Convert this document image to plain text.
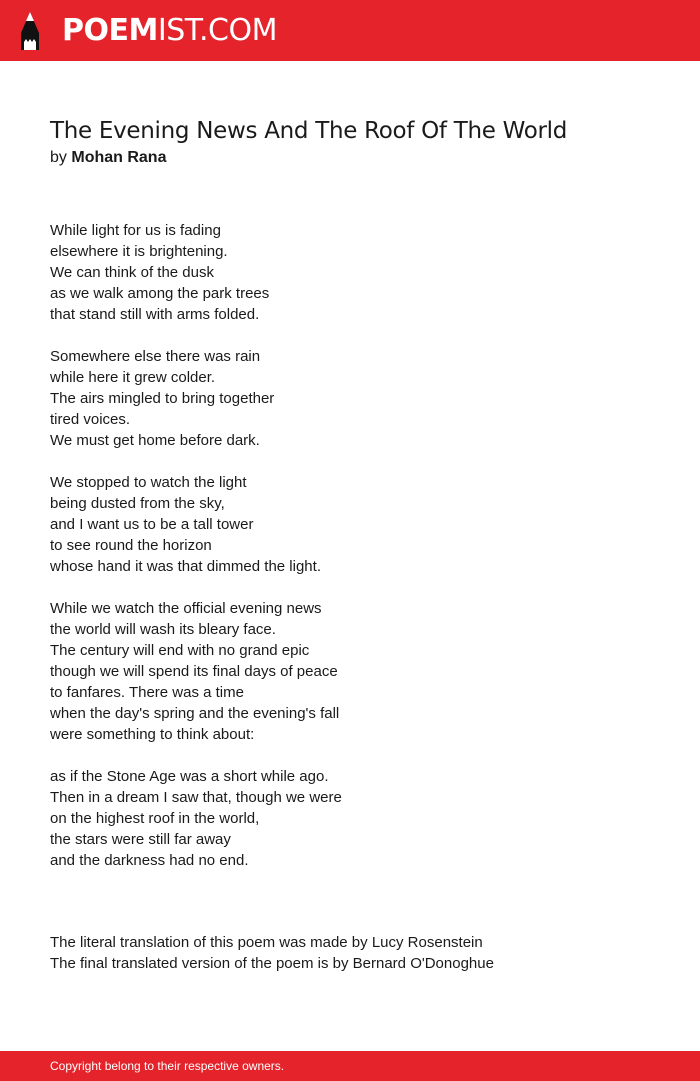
POEMIST.COM
The Evening News And The Roof Of The World
by Mohan Rana
While light for us is fading
elsewhere it is brightening.
We can think of the dusk
as we walk among the park trees
that stand still with arms folded.
Somewhere else there was rain
while here it grew colder.
The airs mingled to bring together
tired voices.
We must get home before dark.
We stopped to watch the light
being dusted from the sky,
and I want us to be a tall tower
to see round the horizon
whose hand it was that dimmed the light.
While we watch the official evening news
the world will wash its bleary face.
The century will end with no grand epic
though we will spend its final days of peace
to fanfares. There was a time
when the day's spring and the evening's fall
were something to think about:
as if the Stone Age was a short while ago.
Then in a dream I saw that, though we were
on the highest roof in the world,
the stars were still far away
and the darkness had no end.
The literal translation of this poem was made by Lucy Rosenstein
The final translated version of the poem is by Bernard O'Donoghue
Copyright belong to their respective owners.
